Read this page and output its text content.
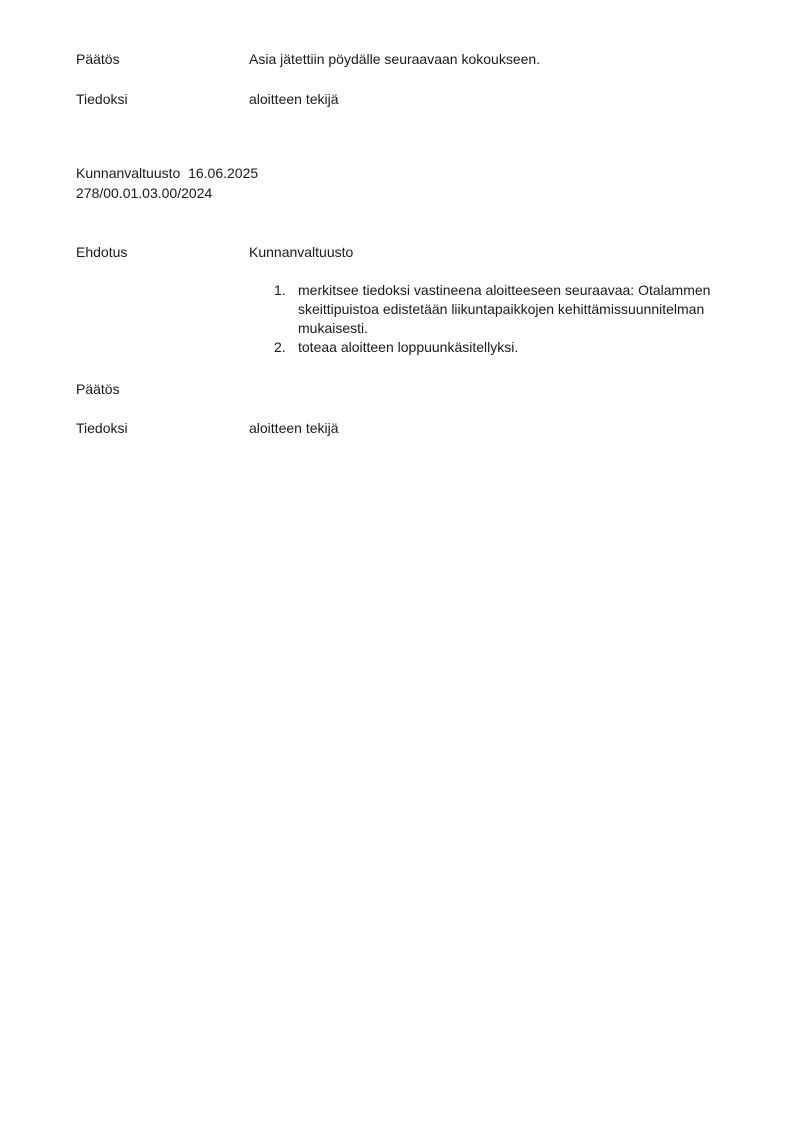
Päätös	Asia jätettiin pöydälle seuraavaan kokoukseen.
Tiedoksi	aloitteen tekijä
Kunnanvaltuusto  16.06.2025
278/00.01.03.00/2024
Ehdotus	Kunnanvaltuusto
1. merkitsee tiedoksi vastineena aloitteeseen seuraavaa: Otalammen skeittipuistoa edistetään liikuntapaikkojen kehittämissuunnitelman mukaisesti.
2. toteaa aloitteen loppuunkäsitellyksi.
Päätös
Tiedoksi	aloitteen tekijä
